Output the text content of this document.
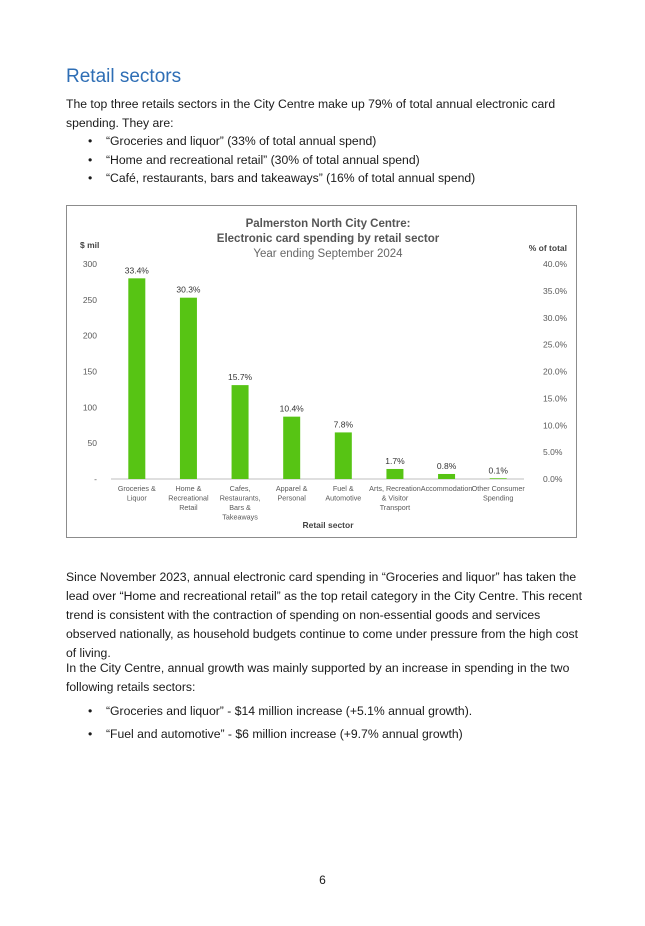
Retail sectors

The top three retails sectors in the City Centre make up 79% of total annual electronic card spending. They are:

• “Groceries and liquor” (33% of total annual spend)
• “Home and recreational retail” (30% of total annual spend)
• “Café, restaurants, bars and takeaways” (16% of total annual spend)
Palmerston North City Centre:
Electronic card spending by retail sector
Year ending September 2024
$ mil	% of total
Retail sector
-
50
100
150
200
250
300
0.0%
5.0%
10.0%
15.0%
20.0%
25.0%
30.0%
35.0%
40.0%
33.4%
Groceries &
Liquor
30.3%
Home &
Recreational
Retail
15.7%
Cafes,
Restaurants,
Bars &
Takeaways
10.4%
Apparel &
Personal
7.8%
Fuel &
Automotive
1.7%
Arts, Recreation
& Visitor
Transport
0.8%
Accommodation
0.1%
Other Consumer
Spending

Since November 2023, annual electronic card spending in “Groceries and liquor” has taken the lead over “Home and recreational retail” as the top retail category in the City Centre. This recent trend is consistent with the contraction of spending on non-essential goods and services observed nationally, as household budgets continue to come under pressure from the high cost of living.

In the City Centre, annual growth was mainly supported by an increase in spending in the two following retails sectors:

• “Groceries and liquor” - $14 million increase (+5.1% annual growth).
• “Fuel and automotive” - $6 million increase (+9.7% annual growth)
6
